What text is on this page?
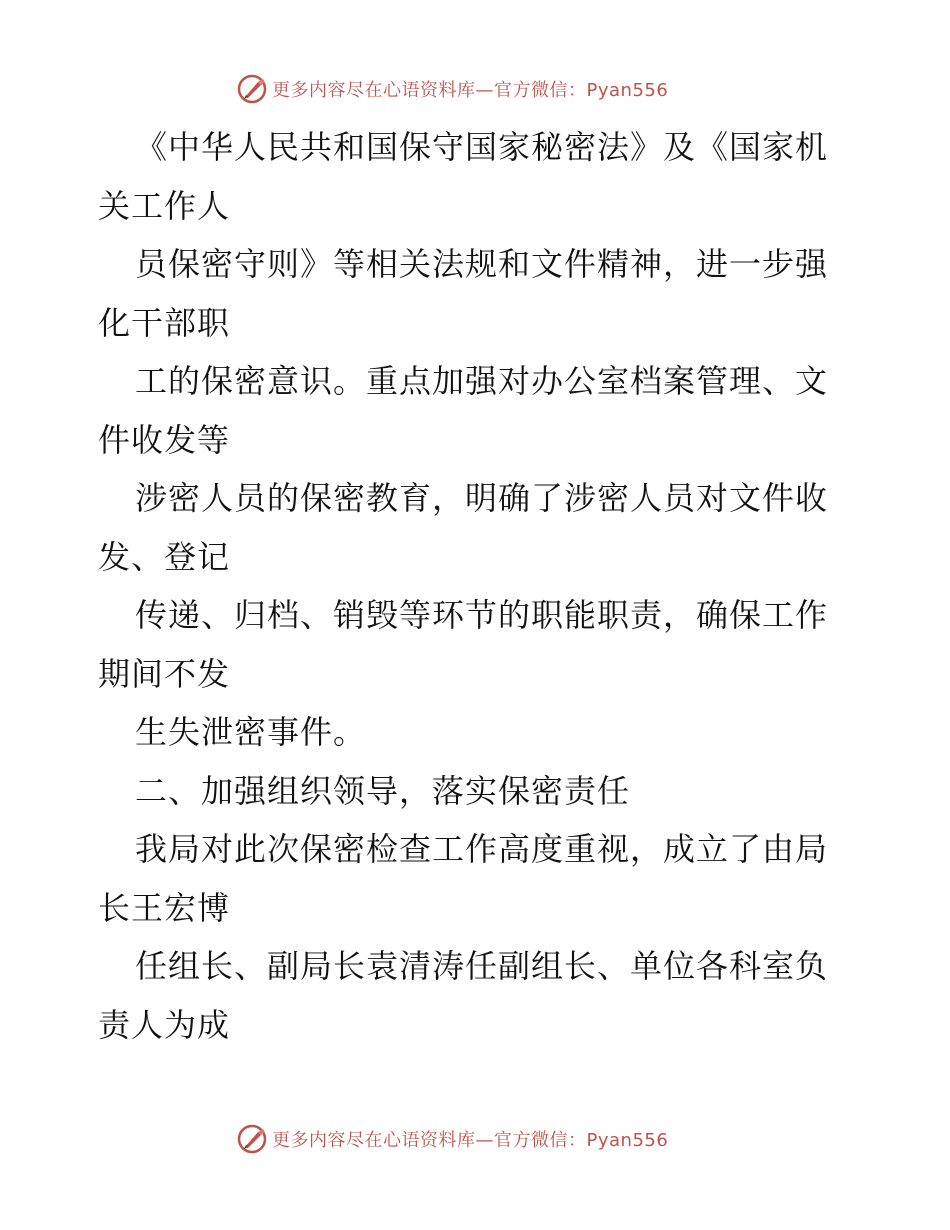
更多内容尽在心语资料库—官方微信：Pyan556
《中华人民共和国保守国家秘密法》及《国家机
关工作人
员保密守则》等相关法规和文件精神，进一步强
化干部职
工的保密意识。重点加强对办公室档案管理、文
件收发等
涉密人员的保密教育，明确了涉密人员对文件收
发、登记
传递、归档、销毁等环节的职能职责，确保工作
期间不发
生失泄密事件。
二、加强组织领导，落实保密责任
我局对此次保密检查工作高度重视，成立了由局
长王宏博
任组长、副局长袁清涛任副组长、单位各科室负
责人为成
更多内容尽在心语资料库—官方微信：Pyan556
